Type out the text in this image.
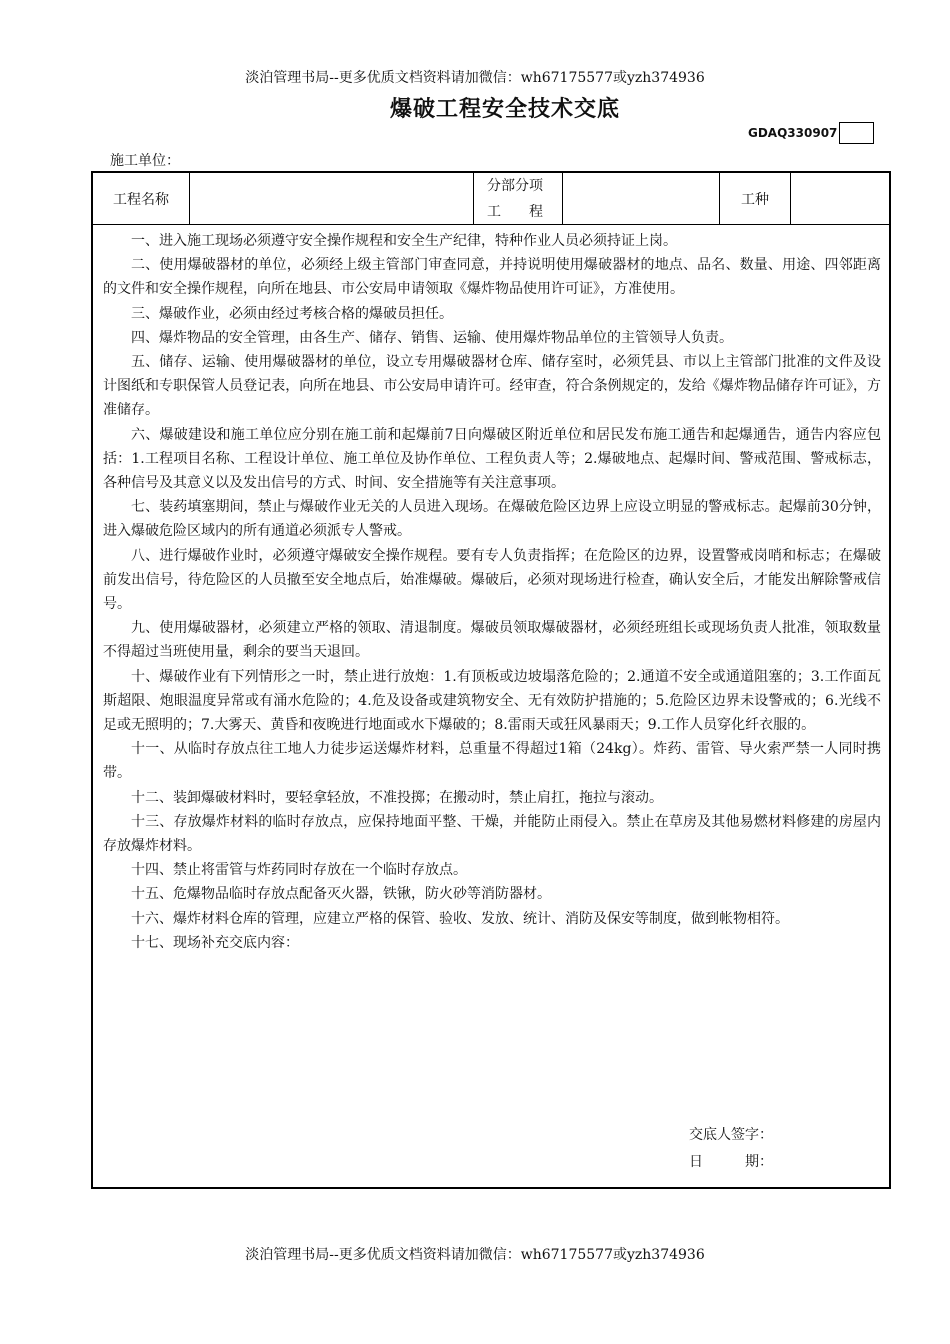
淡泊管理书局--更多优质文档资料请加微信：wh67175577或yzh374936
爆破工程安全技术交底
GDAQ330907
施工单位：
工程名称
分部分项
工　　程
工种

一、进入施工现场必须遵守安全操作规程和安全生产纪律，特种作业人员必须持证上岗。

二、使用爆破器材的单位，必须经上级主管部门审查同意，并持说明使用爆破器材的地点、品名、数量、用途、四邻距离的文件和安全操作规程，向所在地县、市公安局申请领取《爆炸物品使用许可证》，方准使用。

三、爆破作业，必须由经过考核合格的爆破员担任。

四、爆炸物品的安全管理，由各生产、储存、销售、运输、使用爆炸物品单位的主管领导人负责。

五、储存、运输、使用爆破器材的单位，设立专用爆破器材仓库、储存室时，必须凭县、市以上主管部门批准的文件及设计图纸和专职保管人员登记表，向所在地县、市公安局申请许可。经审查，符合条例规定的，发给《爆炸物品储存许可证》，方准储存。

六、爆破建设和施工单位应分别在施工前和起爆前7日向爆破区附近单位和居民发布施工通告和起爆通告，通告内容应包括：1.工程项目名称、工程设计单位、施工单位及协作单位、工程负责人等；2.爆破地点、起爆时间、警戒范围、警戒标志，各种信号及其意义以及发出信号的方式、时间、安全措施等有关注意事项。

七、装药填塞期间，禁止与爆破作业无关的人员进入现场。在爆破危险区边界上应设立明显的警戒标志。起爆前30分钟，进入爆破危险区域内的所有通道必须派专人警戒。

八、进行爆破作业时，必须遵守爆破安全操作规程。要有专人负责指挥；在危险区的边界，设置警戒岗哨和标志；在爆破前发出信号，待危险区的人员撤至安全地点后，始准爆破。爆破后，必须对现场进行检查，确认安全后，才能发出解除警戒信号。

九、使用爆破器材，必须建立严格的领取、清退制度。爆破员领取爆破器材，必须经班组长或现场负责人批准，领取数量不得超过当班使用量，剩余的要当天退回。

十、爆破作业有下列情形之一时，禁止进行放炮：1.有顶板或边坡塌落危险的；2.通道不安全或通道阻塞的；3.工作面瓦斯超限、炮眼温度异常或有涌水危险的；4.危及设备或建筑物安全、无有效防护措施的；5.危险区边界未设警戒的；6.光线不足或无照明的；7.大雾天、黄昏和夜晚进行地面或水下爆破的；8.雷雨天或狂风暴雨天；9.工作人员穿化纤衣服的。

十一、从临时存放点往工地人力徒步运送爆炸材料，总重量不得超过1箱（24kg）。炸药、雷管、导火索严禁一人同时携带。

十二、装卸爆破材料时，要轻拿轻放，不准投掷；在搬动时，禁止肩扛，拖拉与滚动。

十三、存放爆炸材料的临时存放点，应保持地面平整、干燥，并能防止雨侵入。禁止在草房及其他易燃材料修建的房屋内存放爆炸材料。

十四、禁止将雷管与炸药同时存放在一个临时存放点。

十五、危爆物品临时存放点配备灭火器，铁锹，防火砂等消防器材。

十六、爆炸材料仓库的管理，应建立严格的保管、验收、发放、统计、消防及保安等制度，做到帐物相符。

十七、现场补充交底内容：

交底人签字：
日　　　期：
淡泊管理书局--更多优质文档资料请加微信：wh67175577或yzh374936
